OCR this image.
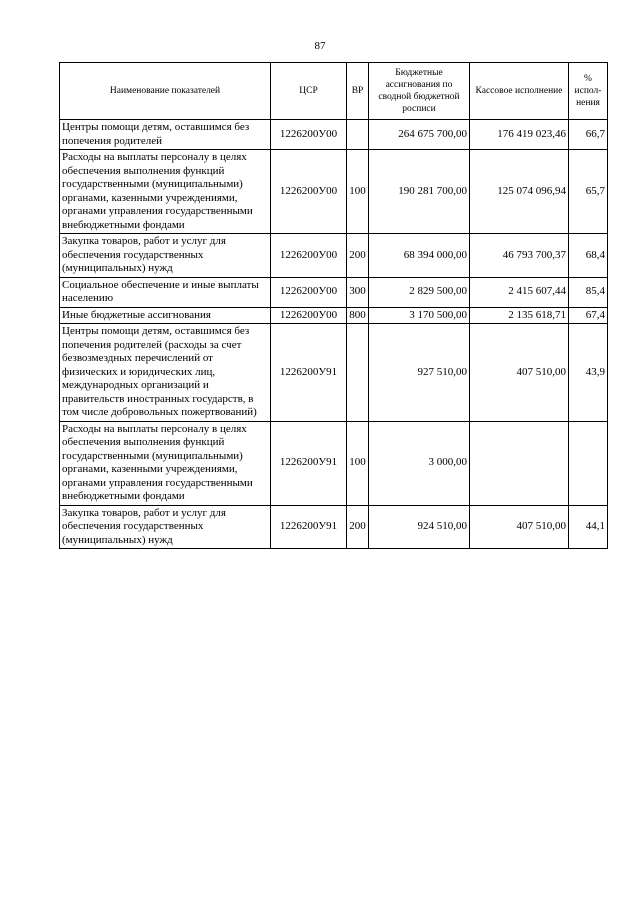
87
Наименование показателей	ЦСР	ВР	Бюджетные ассигнования по сводной бюджетной росписи	Кассовое исполнение	% испол-нения
Центры помощи детям, оставшимся без попечения родителей	1226200У00		264 675 700,00	176 419 023,46	66,7
Расходы на выплаты персоналу в целях обеспечения выполнения функций государственными (муниципальными) органами, казенными учреждениями, органами управления государственными внебюджетными фондами	1226200У00	100	190 281 700,00	125 074 096,94	65,7
Закупка товаров, работ и услуг для обеспечения государственных (муниципальных) нужд	1226200У00	200	68 394 000,00	46 793 700,37	68,4
Социальное обеспечение и иные выплаты населению	1226200У00	300	2 829 500,00	2 415 607,44	85,4
Иные бюджетные ассигнования	1226200У00	800	3 170 500,00	2 135 618,71	67,4
Центры помощи детям, оставшимся без попечения родителей (расходы за счет безвозмездных перечислений от физических и юридических лиц, международных организаций и правительств иностранных государств, в том числе добровольных пожертвований)	1226200У91		927 510,00	407 510,00	43,9
Расходы на выплаты персоналу в целях обеспечения выполнения функций государственными (муниципальными) органами, казенными учреждениями, органами управления государственными внебюджетными фондами	1226200У91	100	3 000,00		
Закупка товаров, работ и услуг для обеспечения государственных (муниципальных) нужд	1226200У91	200	924 510,00	407 510,00	44,1
